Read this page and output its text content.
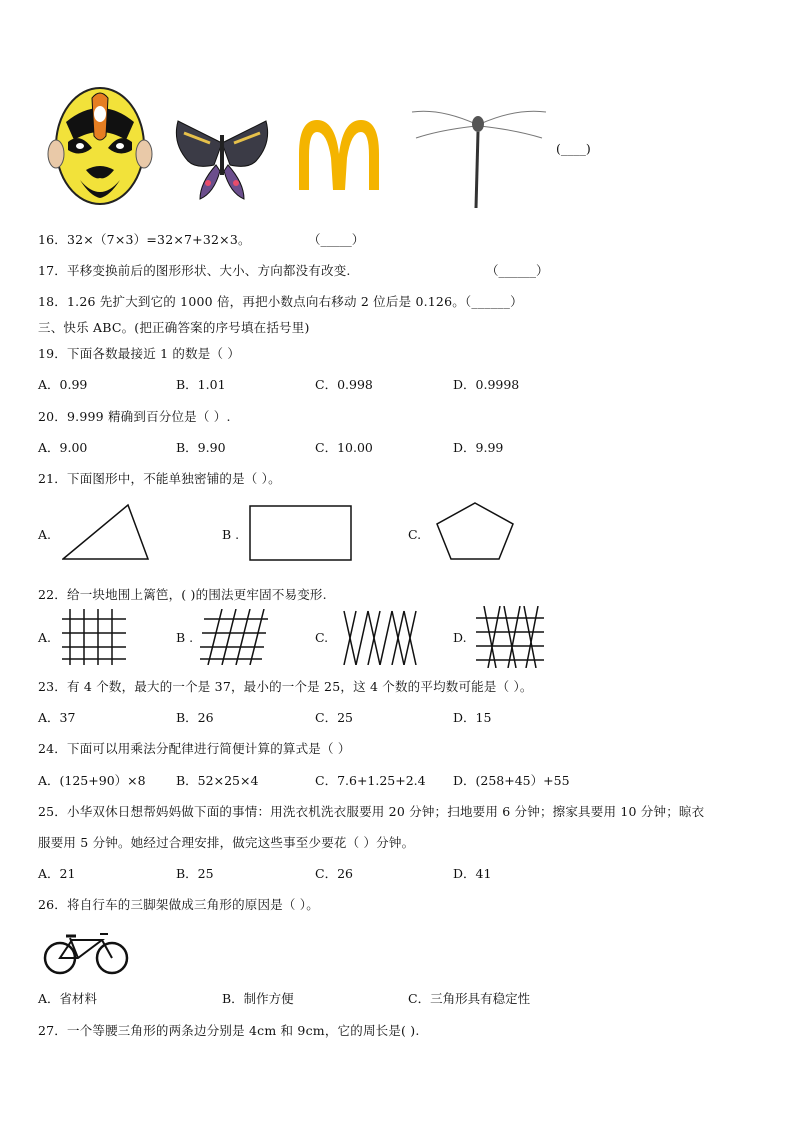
(____)
16．32×（7×3）=32×7+32×3。	（_____）
17．平移变换前后的图形形状、大小、方向都没有改变.	（______）
18．1.26 先扩大到它的 1000 倍，再把小数点向右移动 2 位后是 0.126。（______）
三、快乐 ABC。(把正确答案的序号填在括号里)
19．下面各数最接近 1 的数是（ ）
A．0.99	B．1.01	C．0.998	D．0.9998
20．9.999 精确到百分位是（ ）.
A．9.00	B．9.90	C．10.00	D．9.99
21．下面图形中，不能单独密铺的是（ ）。
A.	B .	C.
22．给一块地围上篱笆，( )的围法更牢固不易变形.
A.	B .	C.	D.
23．有 4 个数，最大的一个是 37，最小的一个是 25，这 4 个数的平均数可能是（ ）。
A．37	B．26	C．25	D．15
24．下面可以用乘法分配律进行简便计算的算式是（ ）
A．(125+90）×8 B．52×25×4	C．7.6+1.25+2.4 D．(258+45）+55
25．小华双休日想帮妈妈做下面的事情：用洗衣机洗衣服要用 20 分钟；扫地要用 6 分钟；擦家具要用 10 分钟；晾衣
服要用 5 分钟。她经过合理安排，做完这些事至少要花（ ）分钟。
A．21	B．25	C．26	D．41
26．将自行车的三脚架做成三角形的原因是（ ）。
A．省材料	B．制作方便	C．三角形具有稳定性
27．一个等腰三角形的两条边分别是 4cm 和 9cm，它的周长是( ).
